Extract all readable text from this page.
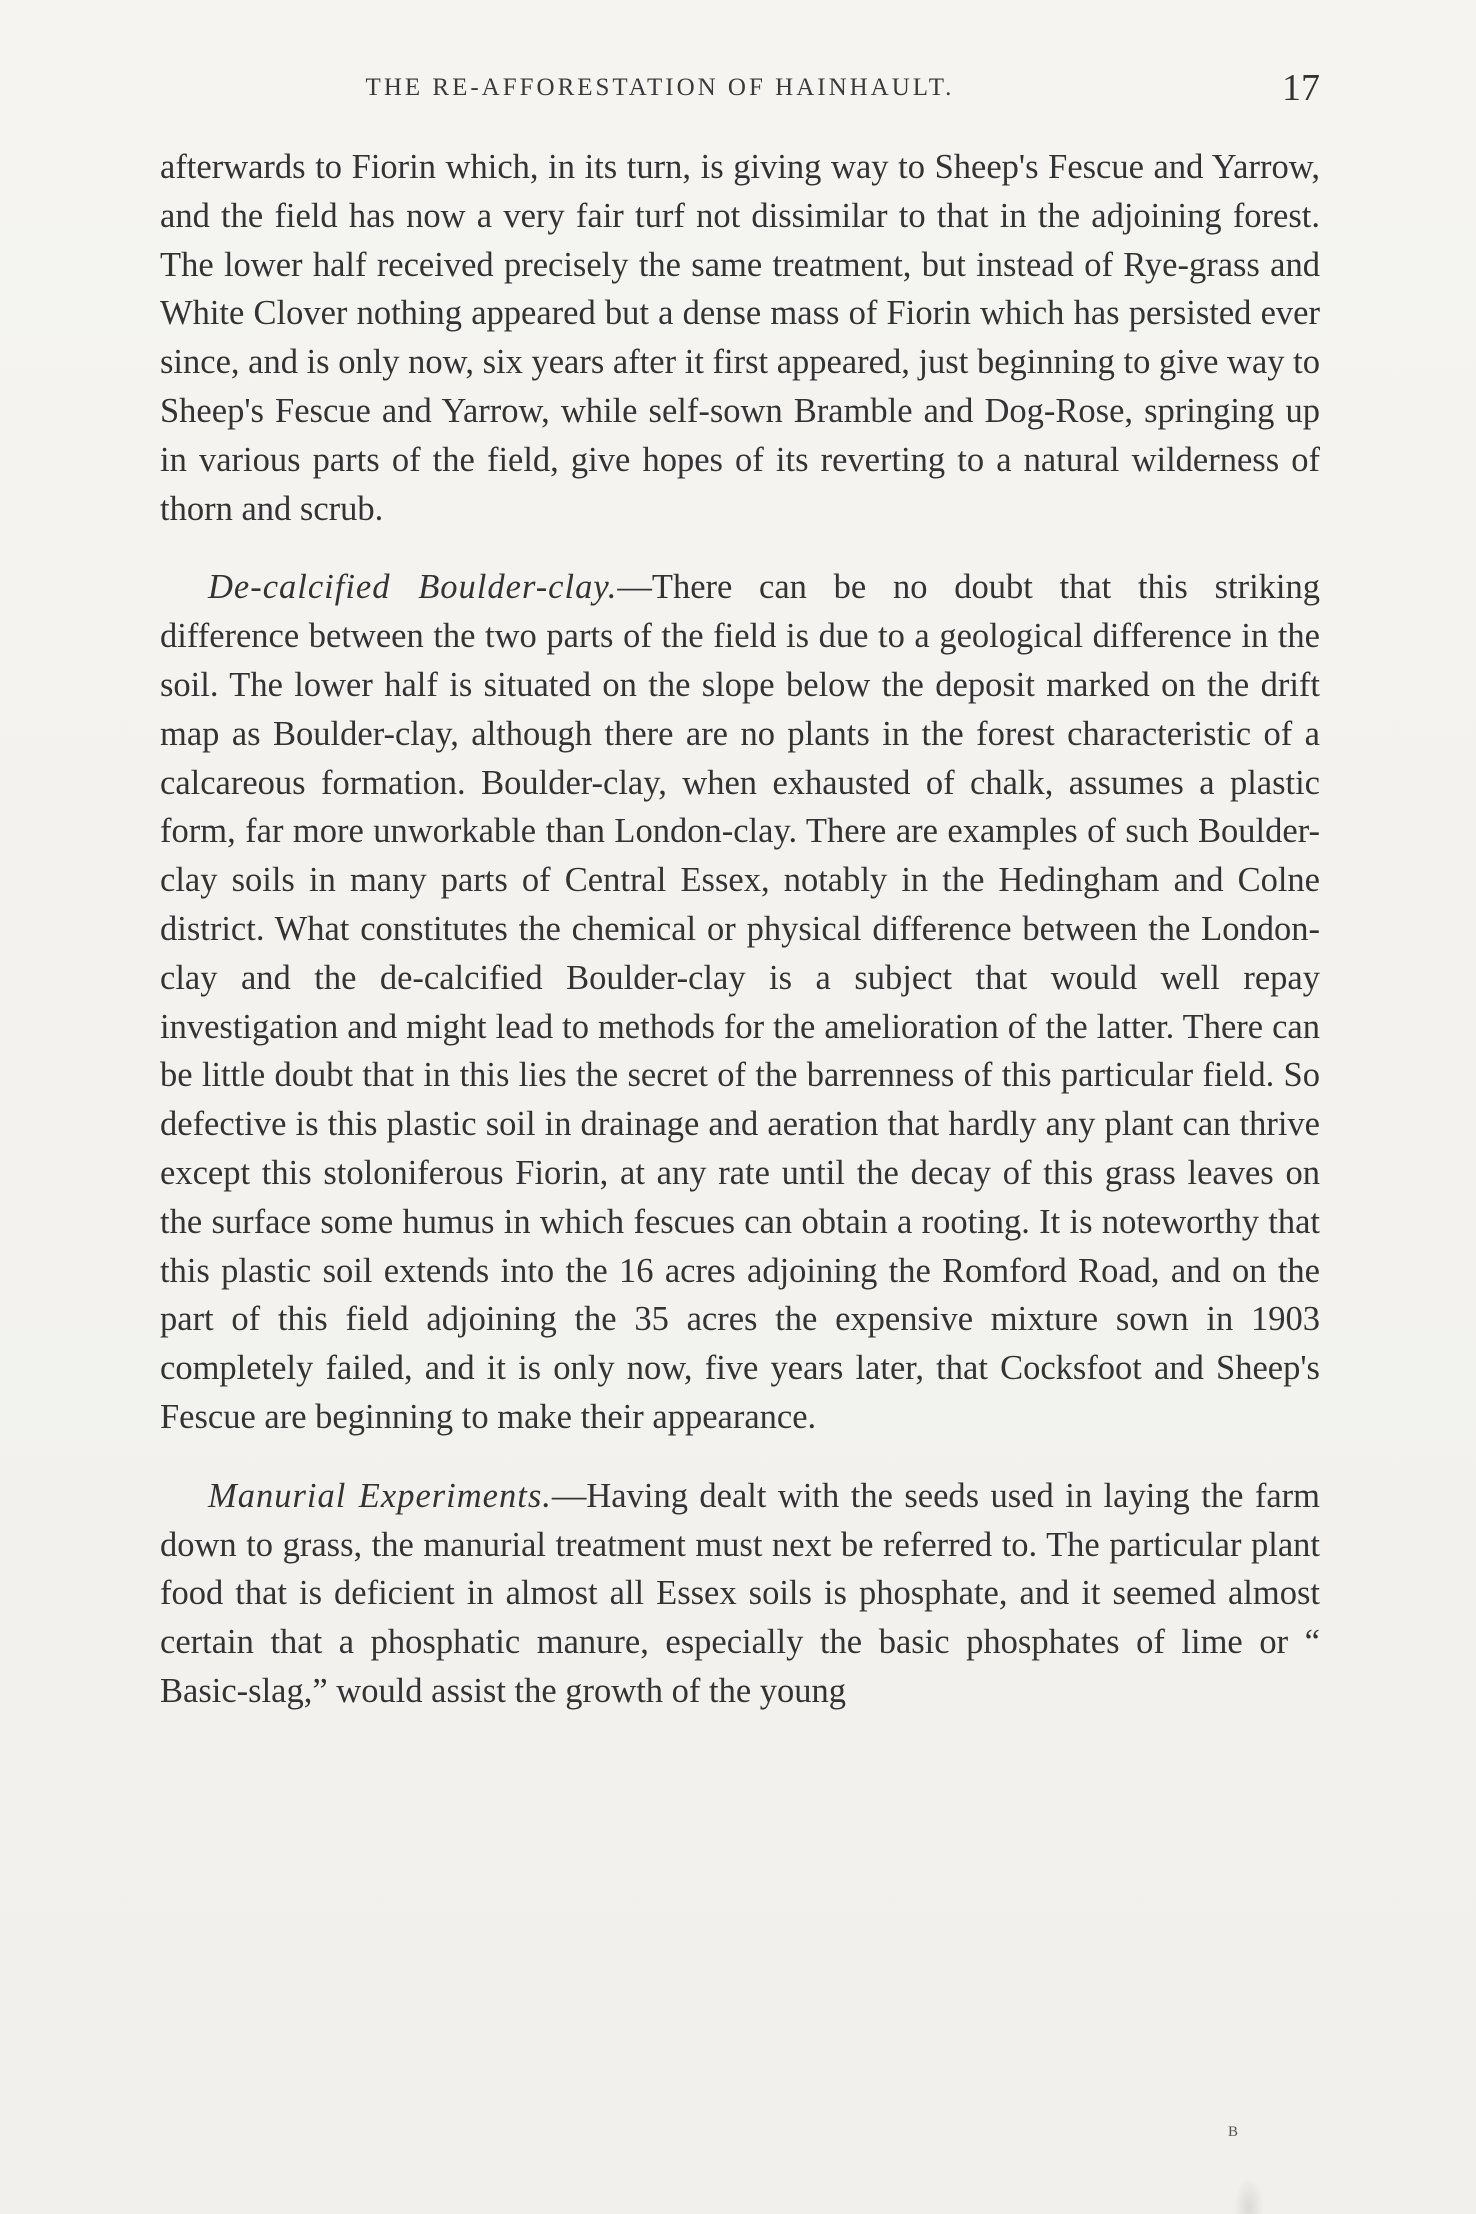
THE RE-AFFORESTATION OF HAINHAULT.	17

afterwards to Fiorin which, in its turn, is giving way to Sheep's Fescue and Yarrow, and the field has now a very fair turf not dissimilar to that in the adjoining forest. The lower half received precisely the same treatment, but instead of Rye-grass and White Clover nothing appeared but a dense mass of Fiorin which has persisted ever since, and is only now, six years after it first appeared, just beginning to give way to Sheep's Fescue and Yarrow, while self-sown Bramble and Dog-Rose, springing up in various parts of the field, give hopes of its reverting to a natural wilderness of thorn and scrub.

De-calcified Boulder-clay.—There can be no doubt that this striking difference between the two parts of the field is due to a geological difference in the soil. The lower half is situated on the slope below the deposit marked on the drift map as Boulder-clay, although there are no plants in the forest characteristic of a calcareous formation. Boulder-clay, when exhausted of chalk, assumes a plastic form, far more unworkable than London-clay. There are examples of such Boulder-clay soils in many parts of Central Essex, notably in the Hedingham and Colne district. What constitutes the chemical or physical difference between the London-clay and the de-calcified Boulder-clay is a subject that would well repay investigation and might lead to methods for the amelioration of the latter. There can be little doubt that in this lies the secret of the barrenness of this particular field. So defective is this plastic soil in drainage and aeration that hardly any plant can thrive except this stoloniferous Fiorin, at any rate until the decay of this grass leaves on the surface some humus in which fescues can obtain a rooting. It is noteworthy that this plastic soil extends into the 16 acres adjoining the Romford Road, and on the part of this field adjoining the 35 acres the expensive mixture sown in 1903 completely failed, and it is only now, five years later, that Cocksfoot and Sheep's Fescue are beginning to make their appearance.

Manurial Experiments.—Having dealt with the seeds used in laying the farm down to grass, the manurial treatment must next be referred to. The particular plant food that is deficient in almost all Essex soils is phosphate, and it seemed almost certain that a phosphatic manure, especially the basic phosphates of lime or “ Basic-slag,” would assist the growth of the young

B
